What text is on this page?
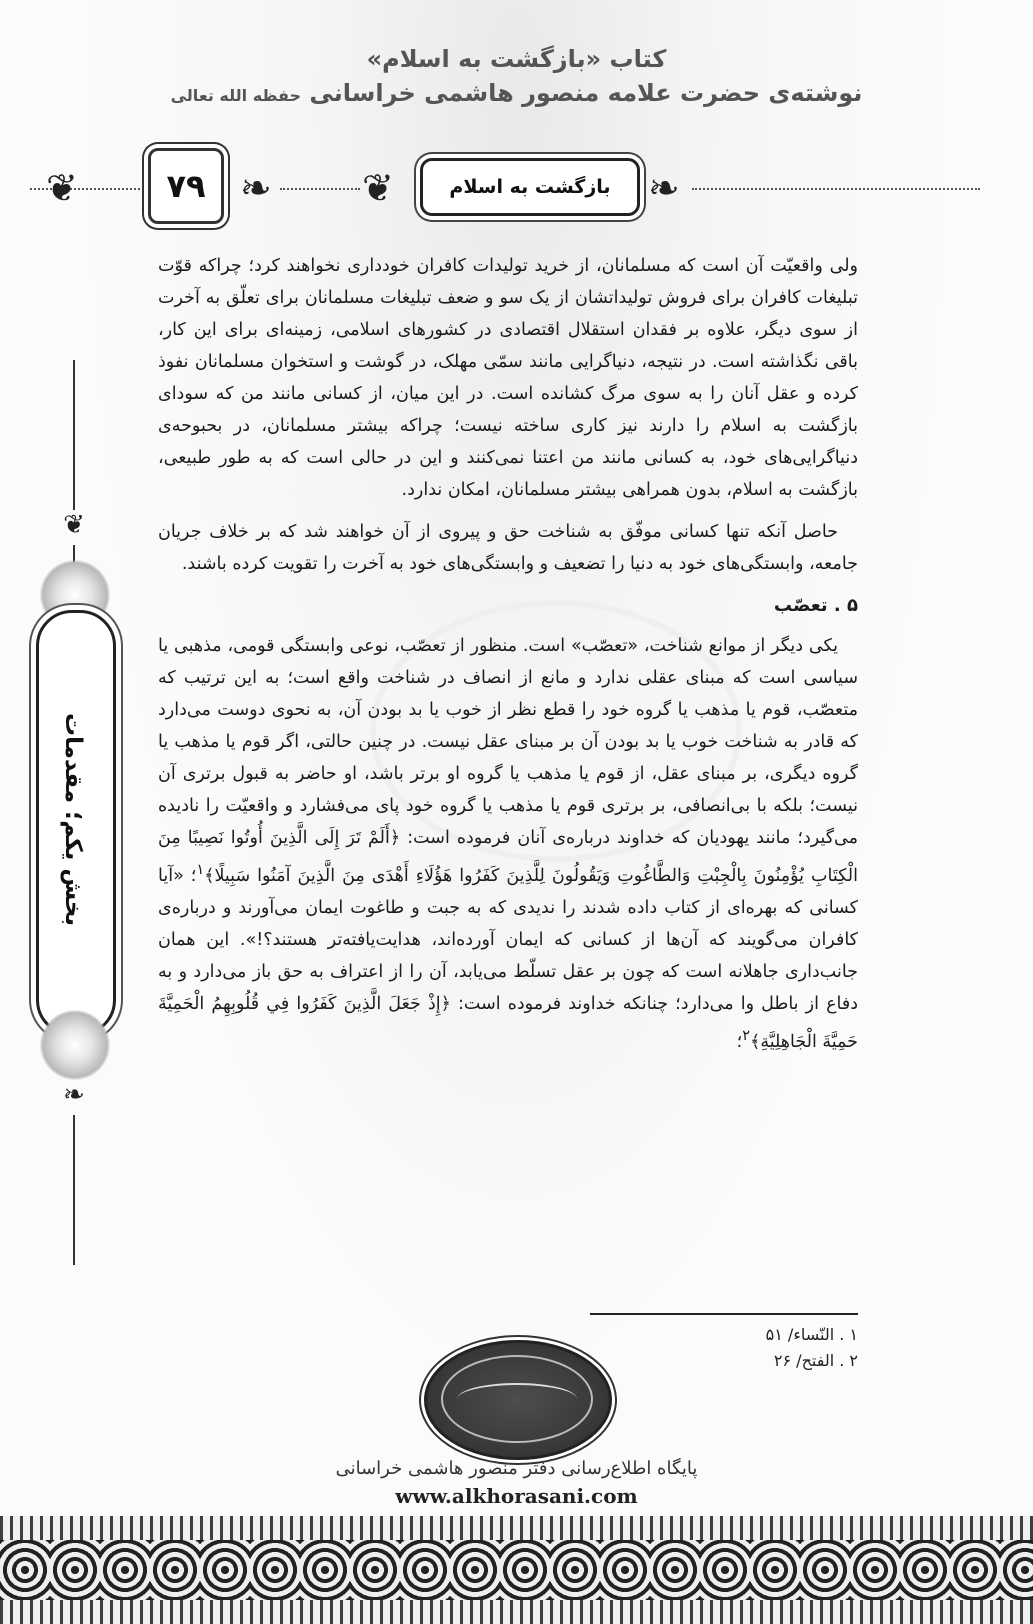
کتاب «بازگشت به اسلام»
نوشته‌ی حضرت علامه منصور هاشمی خراسانی حفظه الله تعالی
❦	۷۹ ❧ ❦	بازگشت به اسلام ❧
❦
بخش یکم؛ مقدمات
❧

ولی واقعیّت آن است که مسلمانان، از خرید تولیدات کافران خودداری نخواهند کرد؛ چراکه قوّت تبلیغات کافران برای فروش تولیداتشان از یک سو و ضعف تبلیغات مسلمانان برای تعلّق به آخرت از سوی دیگر، علاوه بر فقدان استقلال اقتصادی در کشورهای اسلامی، زمینه‌ای برای این کار، باقی نگذاشته است. در نتیجه، دنیاگرایی مانند سمّی مهلک، در گوشت و استخوان مسلمانان نفوذ کرده و عقل آنان را به سوی مرگ کشانده است. در این میان، از کسانی مانند من که سودای بازگشت به اسلام را دارند نیز کاری ساخته نیست؛ چراکه بیشتر مسلمانان، در بحبوحه‌ی دنیاگرایی‌های خود، به کسانی مانند من اعتنا نمی‌کنند و این در حالی است که به طور طبیعی، بازگشت به اسلام، بدون همراهی بیشتر مسلمانان، امکان ندارد.

حاصل آنکه تنها کسانی موفّق به شناخت حق و پیروی از آن خواهند شد که بر خلاف جریان جامعه، وابستگی‌های خود به دنیا را تضعیف و وابستگی‌های خود به آخرت را تقویت کرده باشند.

۵ . تعصّب

یکی دیگر از موانع شناخت، «تعصّب» است. منظور از تعصّب، نوعی وابستگی قومی، مذهبی یا سیاسی است که مبنای عقلی ندارد و مانع از انصاف در شناخت واقع است؛ به این ترتیب که متعصّب، قوم یا مذهب یا گروه خود را قطع نظر از خوب یا بد بودن آن، به نحوی دوست می‌دارد که قادر به شناخت خوب یا بد بودن آن بر مبنای عقل نیست. در چنین حالتی، اگر قوم یا مذهب یا گروه دیگری، بر مبنای عقل، از قوم یا مذهب یا گروه او برتر باشد، او حاضر به قبول برتری آن نیست؛ بلکه با بی‌انصافی، بر برتری قوم یا مذهب یا گروه خود پای می‌فشارد و واقعیّت را نادیده می‌گیرد؛ مانند یهودیان که خداوند درباره‌ی آنان فرموده است: ﴿أَلَمْ تَرَ إِلَى الَّذِينَ أُوتُوا نَصِيبًا مِنَ الْكِتَابِ يُؤْمِنُونَ بِالْجِبْتِ وَالطَّاغُوتِ وَيَقُولُونَ لِلَّذِينَ كَفَرُوا هَؤُلَاءِ أَهْدَى مِنَ الَّذِينَ آمَنُوا سَبِيلًا﴾$^۱$؛ «آیا کسانی که بهره‌ای از کتاب داده شدند را ندیدی که به جبت و طاغوت ایمان می‌آورند و درباره‌ی کافران می‌گویند که آن‌ها از کسانی که ایمان آورده‌اند، هدایت‌یافته‌تر هستند؟!». این همان جانب‌داری جاهلانه است که چون بر عقل تسلّط می‌یابد، آن را از اعتراف به حق باز می‌دارد و به دفاع از باطل وا می‌دارد؛ چنانکه خداوند فرموده است: ﴿إِذْ جَعَلَ الَّذِينَ كَفَرُوا فِي قُلُوبِهِمُ الْحَمِيَّةَ حَمِيَّةَ الْجَاهِلِيَّةِ﴾$^۲$؛

۱ . النّساء/ ۵۱
۲ . الفتح/ ۲۶
پایگاه اطلاع‌رسانی دفتر منصور هاشمی خراسانی
www.alkhorasani.com
